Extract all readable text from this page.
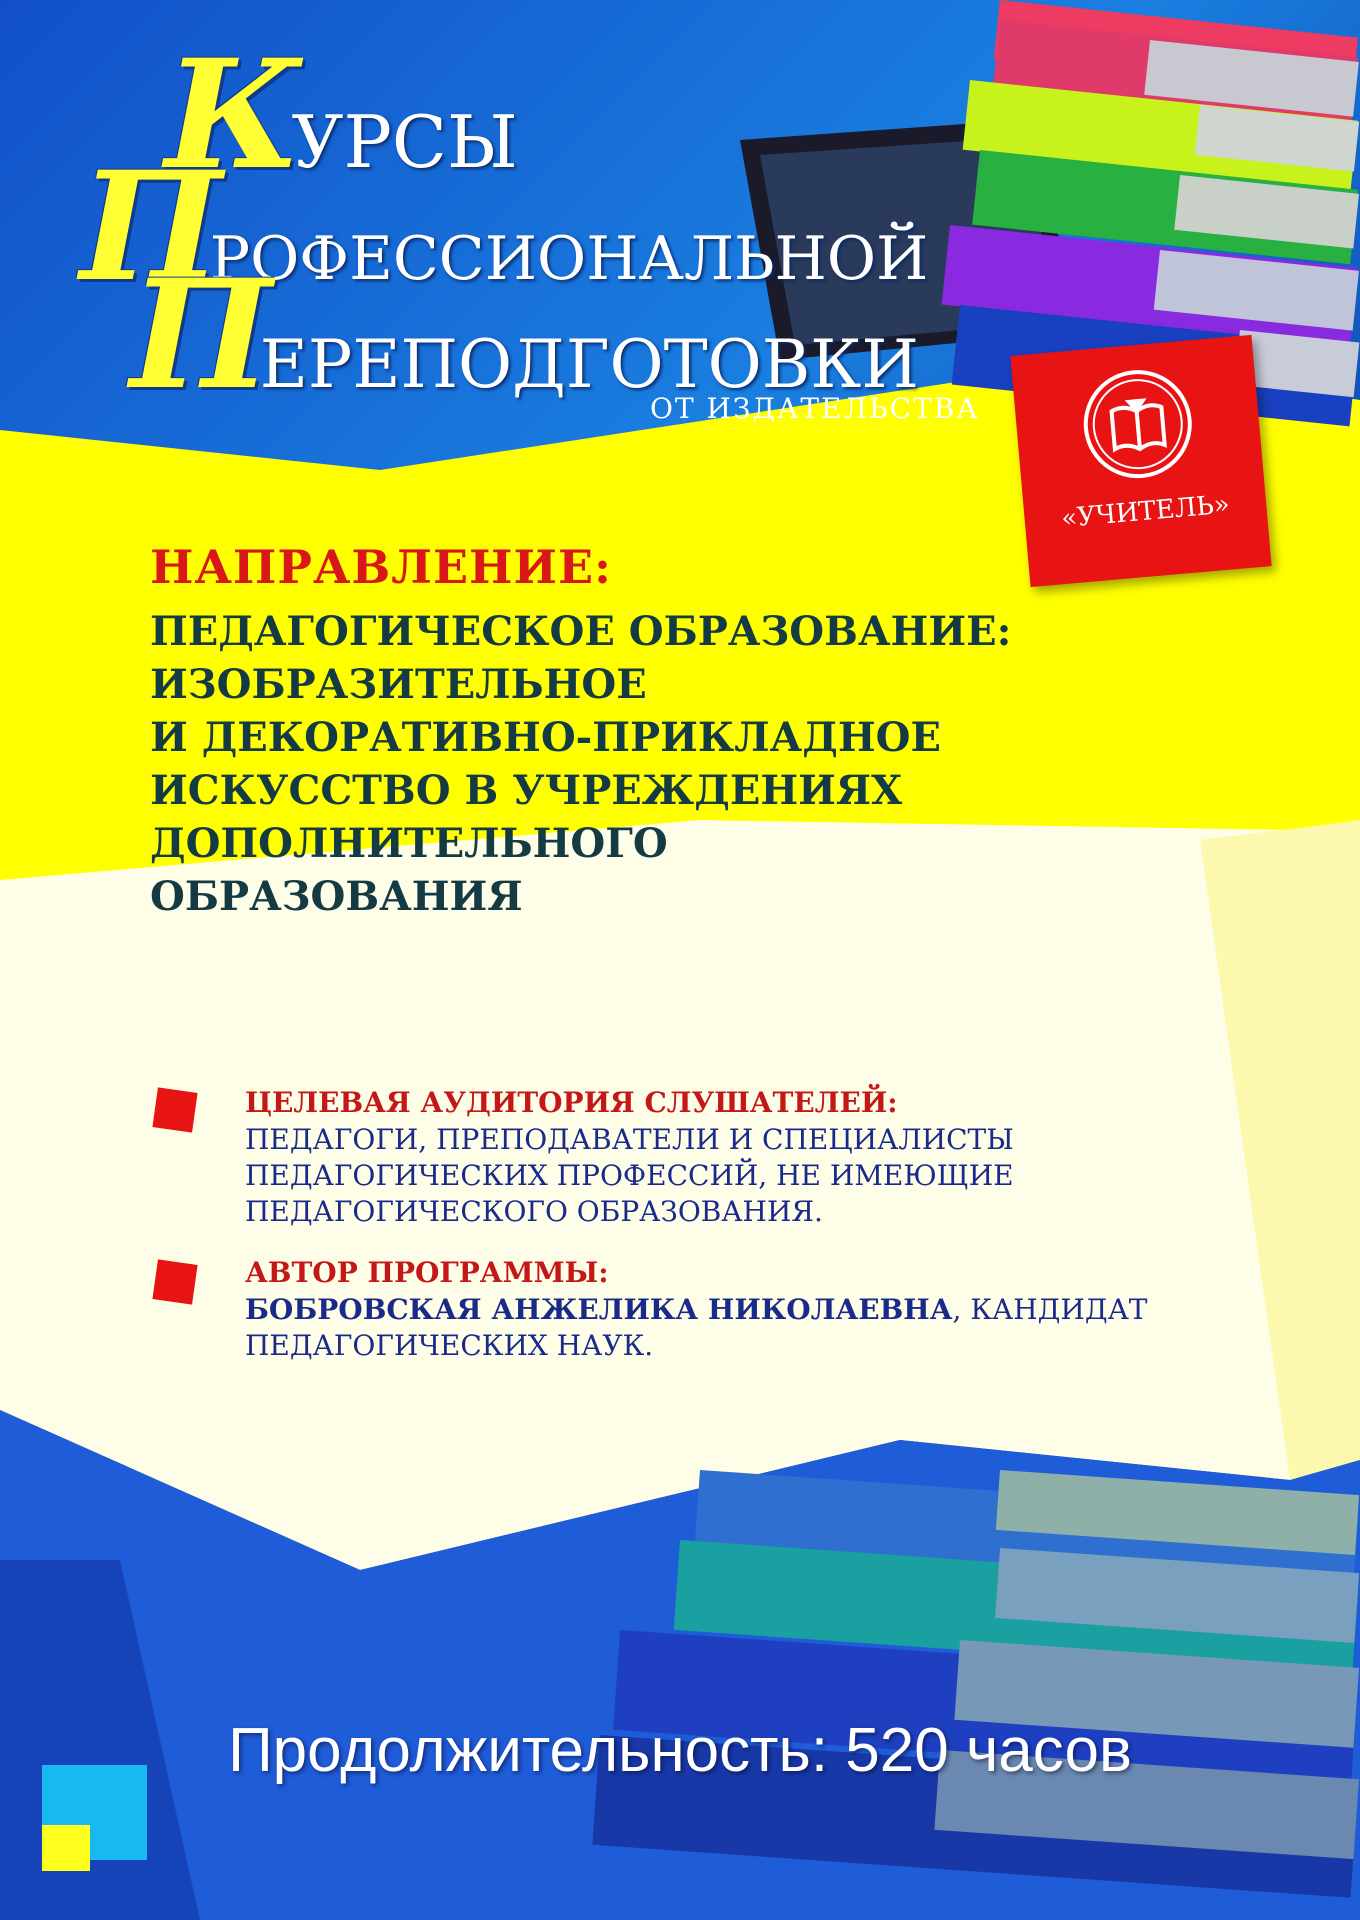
КУРСЫ
ПРОФЕССИОНАЛЬНОЙ
ПЕРЕПОДГОТОВКИ
ОТ ИЗДАТЕЛЬСТВА
«УЧИТЕЛЬ»
НАПРАВЛЕНИЕ:
ПЕДАГОГИЧЕСКОЕ ОБРАЗОВАНИЕ:
ИЗОБРАЗИТЕЛЬНОЕ
И ДЕКОРАТИВНО-ПРИКЛАДНОЕ
ИСКУССТВО В УЧРЕЖДЕНИЯХ
ДОПОЛНИТЕЛЬНОГО
ОБРАЗОВАНИЯ
ЦЕЛЕВАЯ АУДИТОРИЯ СЛУШАТЕЛЕЙ:
ПЕДАГОГИ, ПРЕПОДАВАТЕЛИ И СПЕЦИАЛИСТЫ
ПЕДАГОГИЧЕСКИХ ПРОФЕССИЙ, НЕ ИМЕЮЩИЕ
ПЕДАГОГИЧЕСКОГО ОБРАЗОВАНИЯ.
АВТОР ПРОГРАММЫ:
БОБРОВСКАЯ АНЖЕЛИКА НИКОЛАЕВНА, КАНДИДАТ
ПЕДАГОГИЧЕСКИХ НАУК.
Продолжительность: 520 часов
